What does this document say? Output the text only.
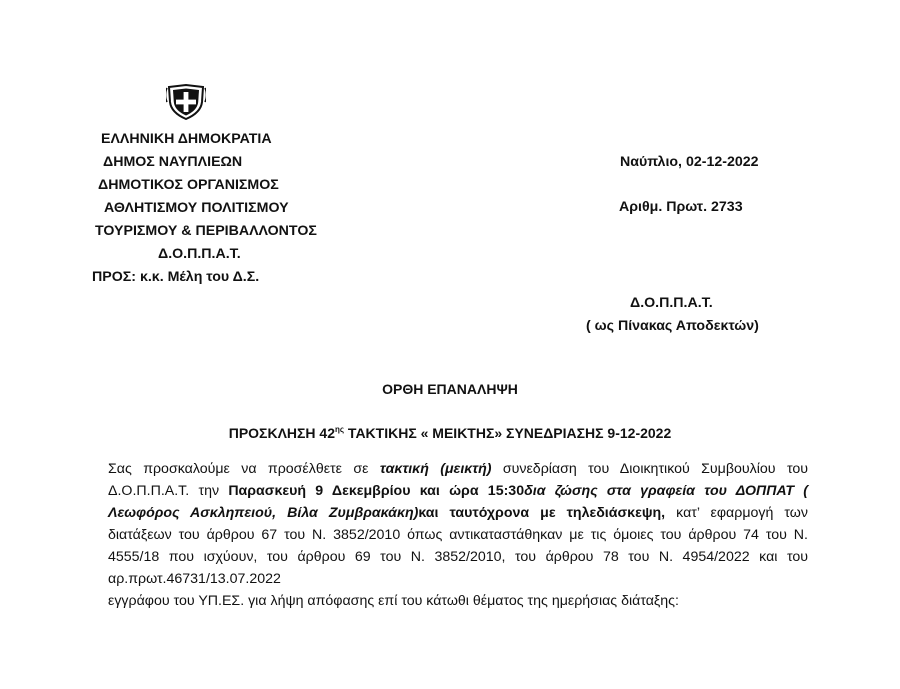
ΕΛΛΗΝΙΚΗ ΔΗΜΟΚΡΑΤΙΑ
ΔΗΜΟΣ ΝΑΥΠΛΙΕΩΝ
ΔΗΜΟΤΙΚΟΣ ΟΡΓΑΝΙΣΜΟΣ
ΑΘΛΗΤΙΣΜΟΥ ΠΟΛΙΤΙΣΜΟΥ
ΤΟΥΡΙΣΜΟΥ & ΠΕΡΙΒΑΛΛΟΝΤΟΣ
Δ.Ο.Π.Π.Α.Τ.
ΠΡΟΣ: κ.κ. Μέλη του Δ.Σ.
Ναύπλιο, 02-12-2022
Αριθμ. Πρωτ. 2733
Δ.Ο.Π.Π.Α.Τ.
( ως Πίνακας Αποδεκτών)
ΟΡΘΗ ΕΠΑΝΑΛΗΨΗ
ΠΡΟΣΚΛΗΣΗ $42^{\eta\varsigma}$ ΤΑΚΤΙΚΗΣ « ΜΕΙΚΤΗΣ» ΣΥΝΕΔΡΙΑΣΗΣ 9-12-2022
Σας προσκαλούμε να προσέλθετε σε τακτική (μεικτή) συνεδρίαση του Διοικητικού Συμβουλίου του Δ.Ο.Π.Π.Α.Τ. την Παρασκευή 9 Δεκεμβρίου και ώρα 15:30δια ζώσης στα γραφεία του ΔΟΠΠΑΤ ( Λεωφόρος Ασκληπειού, Βίλα Ζυμβρακάκη)και ταυτόχρονα με τηλεδιάσκεψη, κατ’ εφαρμογή των διατάξεων του άρθρου 67 του Ν. 3852/2010 όπως αντικαταστάθηκαν με τις όμοιες του άρθρου 74 του Ν. 4555/18 που ισχύουν, του άρθρου 69 του Ν. 3852/2010, του άρθρου 78 του Ν. 4954/2022 και του αρ.πρωτ.46731/13.07.2022
εγγράφου του ΥΠ.ΕΣ. για λήψη απόφασης επί του κάτωθι θέματος της ημερήσιας διάταξης:
